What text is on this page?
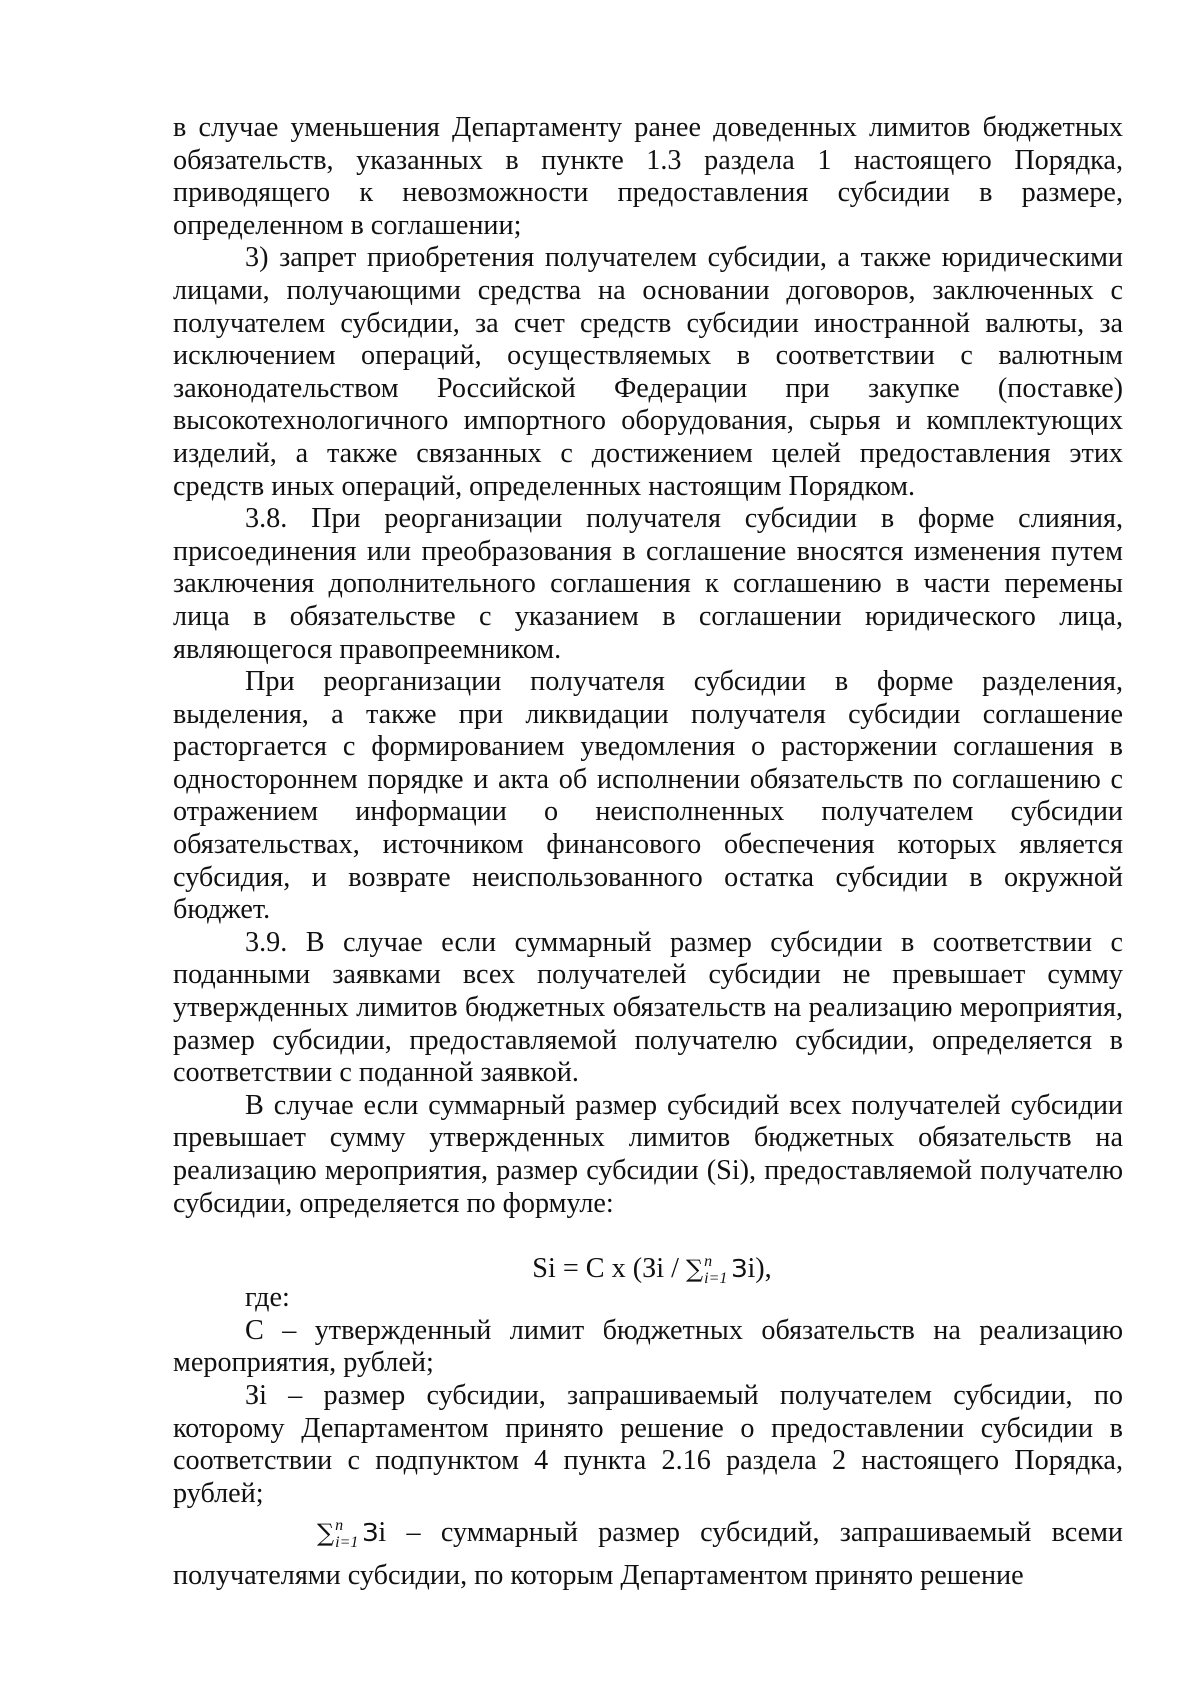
в случае уменьшения Департаменту ранее доведенных лимитов бюджетных обязательств, указанных в пункте 1.3 раздела 1 настоящего Порядка, приводящего к невозможности предоставления субсидии в размере, определенном в соглашении;

3) запрет приобретения получателем субсидии, а также юридическими лицами, получающими средства на основании договоров, заключенных с получателем субсидии, за счет средств субсидии иностранной валюты, за исключением операций, осуществляемых в соответствии с валютным законодательством Российской Федерации при закупке (поставке) высокотехнологичного импортного оборудования, сырья и комплектующих изделий, а также связанных с достижением целей предоставления этих средств иных операций, определенных настоящим Порядком.

3.8. При реорганизации получателя субсидии в форме слияния, присоединения или преобразования в соглашение вносятся изменения путем заключения дополнительного соглашения к соглашению в части перемены лица в обязательстве с указанием в соглашении юридического лица, являющегося правопреемником.

При реорганизации получателя субсидии в форме разделения, выделения, а также при ликвидации получателя субсидии соглашение расторгается с формированием уведомления о расторжении соглашения в одностороннем порядке и акта об исполнении обязательств по соглашению с отражением информации о неисполненных получателем субсидии обязательствах, источником финансового обеспечения которых является субсидия, и возврате неиспользованного остатка субсидии в окружной бюджет.

3.9. В случае если суммарный размер субсидии в соответствии с поданными заявками всех получателей субсидии не превышает сумму утвержденных лимитов бюджетных обязательств на реализацию мероприятия, размер субсидии, предоставляемой получателю субсидии, определяется в соответствии с поданной заявкой.

В случае если суммарный размер субсидий всех получателей субсидии превышает сумму утвержденных лимитов бюджетных обязательств на реализацию мероприятия, размер субсидии (Si), предоставляемой получателю субсидии, определяется по формуле:

Si = C x (Зi / ∑$^n_{i=1}$ Зi),

где:

С – утвержденный лимит бюджетных обязательств на реализацию мероприятия, рублей;

Зi – размер субсидии, запрашиваемый получателем субсидии, по которому Департаментом принято решение о предоставлении субсидии в соответствии с подпунктом 4 пункта 2.16 раздела 2 настоящего Порядка, рублей;

∑$^n_{i=1}$ Зi – суммарный размер субсидий, запрашиваемый всеми получателями субсидии, по которым Департаментом принято решение
